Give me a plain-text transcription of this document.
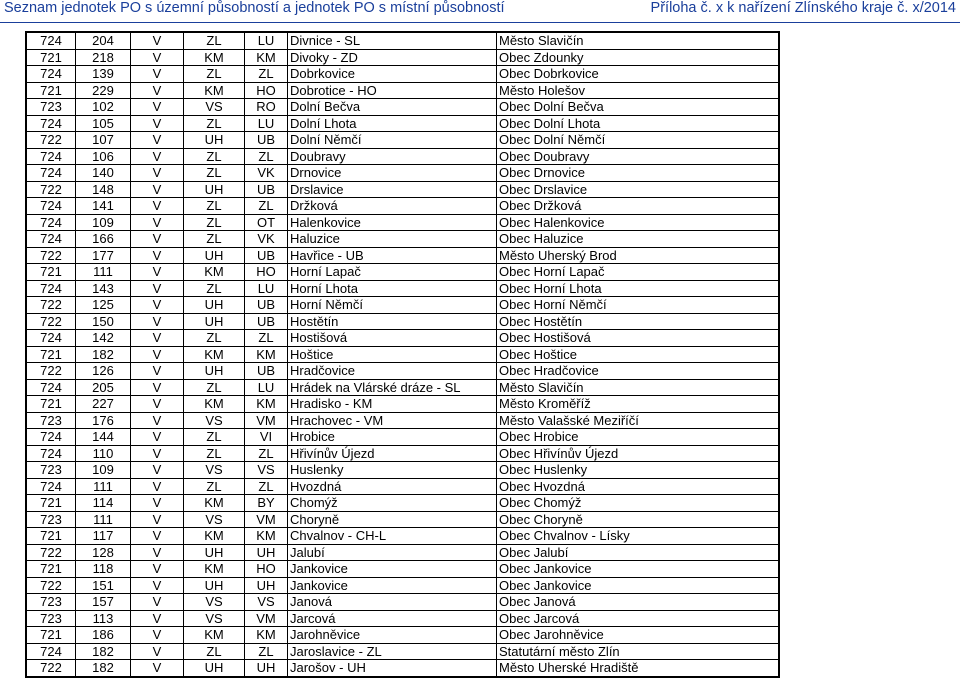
Seznam jednotek PO s územní působností a jednotek PO s místní působností	Příloha č. x k nařízení Zlínského kraje č. x/2014
724	204	V	ZL	LU	Divnice - SL	Město Slavičín
721	218	V	KM	KM	Divoky - ZD	Obec Zdounky
724	139	V	ZL	ZL	Dobrkovice	Obec Dobrkovice
721	229	V	KM	HO	Dobrotice - HO	Město Holešov
723	102	V	VS	RO	Dolní Bečva	Obec Dolní Bečva
724	105	V	ZL	LU	Dolní Lhota	Obec Dolní Lhota
722	107	V	UH	UB	Dolní Němčí	Obec Dolní Němčí
724	106	V	ZL	ZL	Doubravy	Obec Doubravy
724	140	V	ZL	VK	Drnovice	Obec Drnovice
722	148	V	UH	UB	Drslavice	Obec Drslavice
724	141	V	ZL	ZL	Držková	Obec Držková
724	109	V	ZL	OT	Halenkovice	Obec Halenkovice
724	166	V	ZL	VK	Haluzice	Obec Haluzice
722	177	V	UH	UB	Havřice - UB	Město Uherský Brod
721	111	V	KM	HO	Horní Lapač	Obec Horní Lapač
724	143	V	ZL	LU	Horní Lhota	Obec Horní Lhota
722	125	V	UH	UB	Horní Němčí	Obec Horní Němčí
722	150	V	UH	UB	Hostětín	Obec Hostětín
724	142	V	ZL	ZL	Hostišová	Obec Hostišová
721	182	V	KM	KM	Hoštice	Obec Hoštice
722	126	V	UH	UB	Hradčovice	Obec Hradčovice
724	205	V	ZL	LU	Hrádek na Vlárské dráze - SL	Město Slavičín
721	227	V	KM	KM	Hradisko - KM	Město Kroměříž
723	176	V	VS	VM	Hrachovec - VM	Město Valašské Meziříčí
724	144	V	ZL	VI	Hrobice	Obec Hrobice
724	110	V	ZL	ZL	Hřivínův Újezd	Obec Hřivínův Újezd
723	109	V	VS	VS	Huslenky	Obec Huslenky
724	111	V	ZL	ZL	Hvozdná	Obec Hvozdná
721	114	V	KM	BY	Chomýž	Obec Chomýž
723	111	V	VS	VM	Choryně	Obec Choryně
721	117	V	KM	KM	Chvalnov - CH-L	Obec Chvalnov - Lísky
722	128	V	UH	UH	Jalubí	Obec Jalubí
721	118	V	KM	HO	Jankovice	Obec Jankovice
722	151	V	UH	UH	Jankovice	Obec Jankovice
723	157	V	VS	VS	Janová	Obec Janová
723	113	V	VS	VM	Jarcová	Obec Jarcová
721	186	V	KM	KM	Jarohněvice	Obec Jarohněvice
724	182	V	ZL	ZL	Jaroslavice - ZL	Statutární město Zlín
722	182	V	UH	UH	Jarošov - UH	Město Uherské Hradiště
